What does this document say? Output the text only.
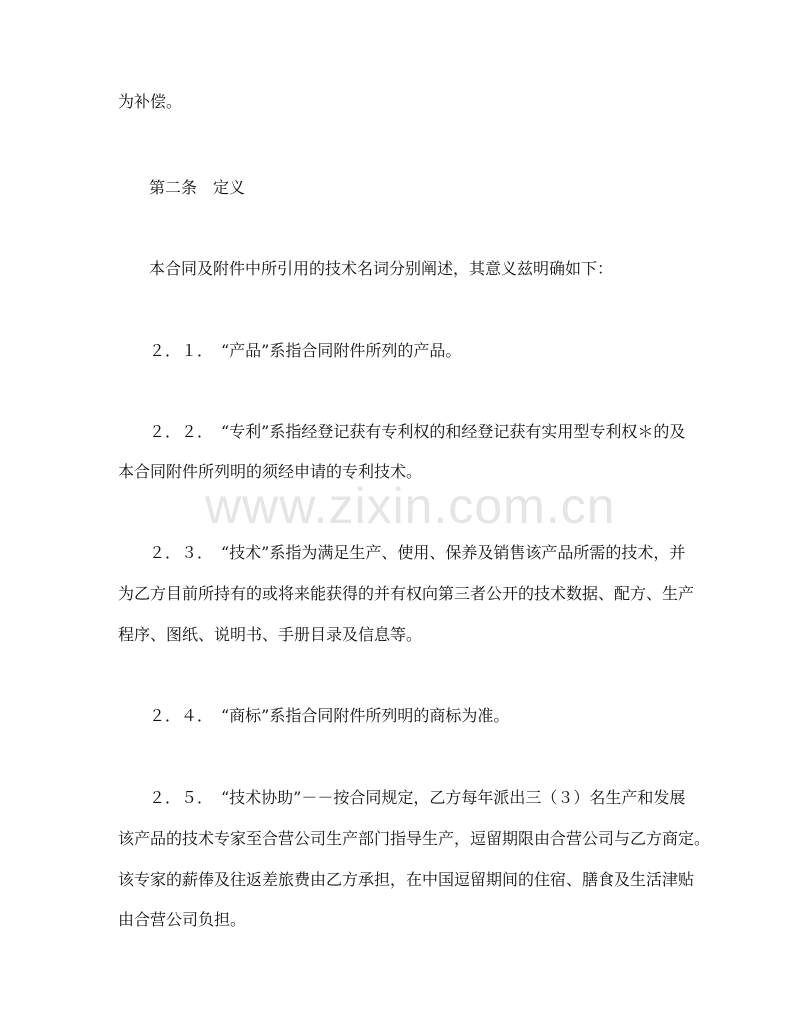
为补偿。
第二条　定义
本合同及附件中所引用的技术名词分别阐述，其意义兹明确如下：
２．１．　“产品”系指合同附件所列的产品。
２．２．　“专利”系指经登记获有专利权的和经登记获有实用型专利权＊的及
本合同附件所列明的须经申请的专利技术。
２．３．　“技术”系指为满足生产、使用、保养及销售该产品所需的技术，并
为乙方目前所持有的或将来能获得的并有权向第三者公开的技术数据、配方、生产
程序、图纸、说明书、手册目录及信息等。
２．４．　“商标”系指合同附件所列明的商标为准。
２．５．　“技术协助”－－按合同规定，乙方每年派出三（３）名生产和发展
该产品的技术专家至合营公司生产部门指导生产，逗留期限由合营公司与乙方商定。
该专家的薪俸及往返差旅费由乙方承担，在中国逗留期间的住宿、膳食及生活津贴
由合营公司负担。
www.zixin.com.cn
